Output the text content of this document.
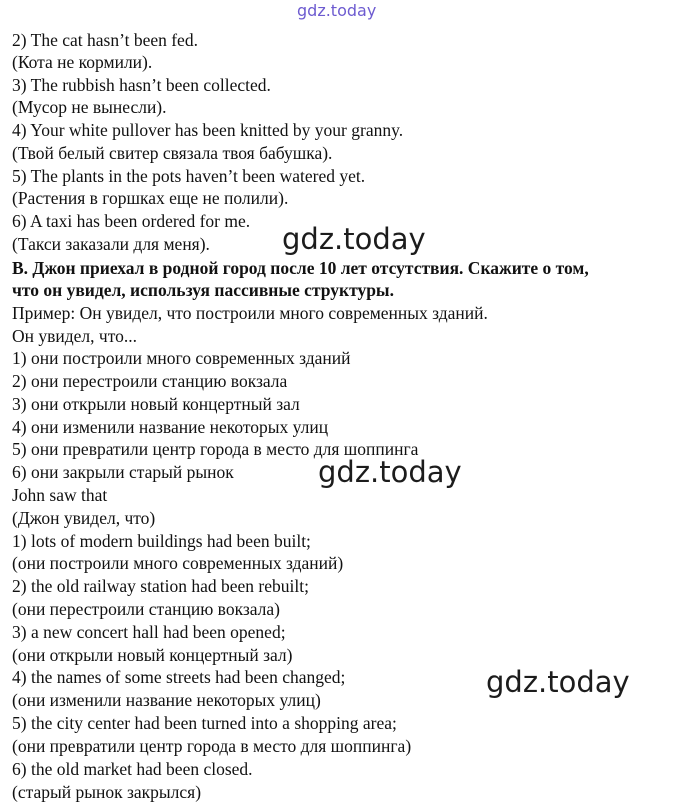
gdz.today
2) The cat hasn’t been fed.
(Кота не кормили).
3) The rubbish hasn’t been collected.
(Мусор не вынесли).
4) Your white pullover has been knitted by your granny.
(Твой белый свитер связала твоя бабушка).
5) The plants in the pots haven’t been watered yet.
(Растения в горшках еще не полили).
6) A taxi has been ordered for me.
(Такси заказали для меня). gdz.today
В. Джон приехал в родной город после 10 лет отсутствия. Скажите о том,
что он увидел, используя пассивные структуры.
Пример: Он увидел, что построили много современных зданий.
Он увидел, что...
1) они построили много современных зданий
2) они перестроили станцию вокзала
3) они открыли новый концертный зал
4) они изменили название некоторых улиц
5) они превратили центр города в место для шоппинга
6) они закрыли старый рынок	gdz.today
John saw that
(Джон увидел, что)
1) lots of modern buildings had been built;
(они построили много современных зданий)
2) the old railway station had been rebuilt;
(они перестроили станцию вокзала)
3) a new concert hall had been opened;
(они открыли новый концертный зал)
4) the names of some streets had been changed;
(они изменили название некоторых улиц)
gdz.today
5) the city center had been turned into a shopping area;
(они превратили центр города в место для шоппинга)
6) the old market had been closed.
(старый рынок закрылся)
